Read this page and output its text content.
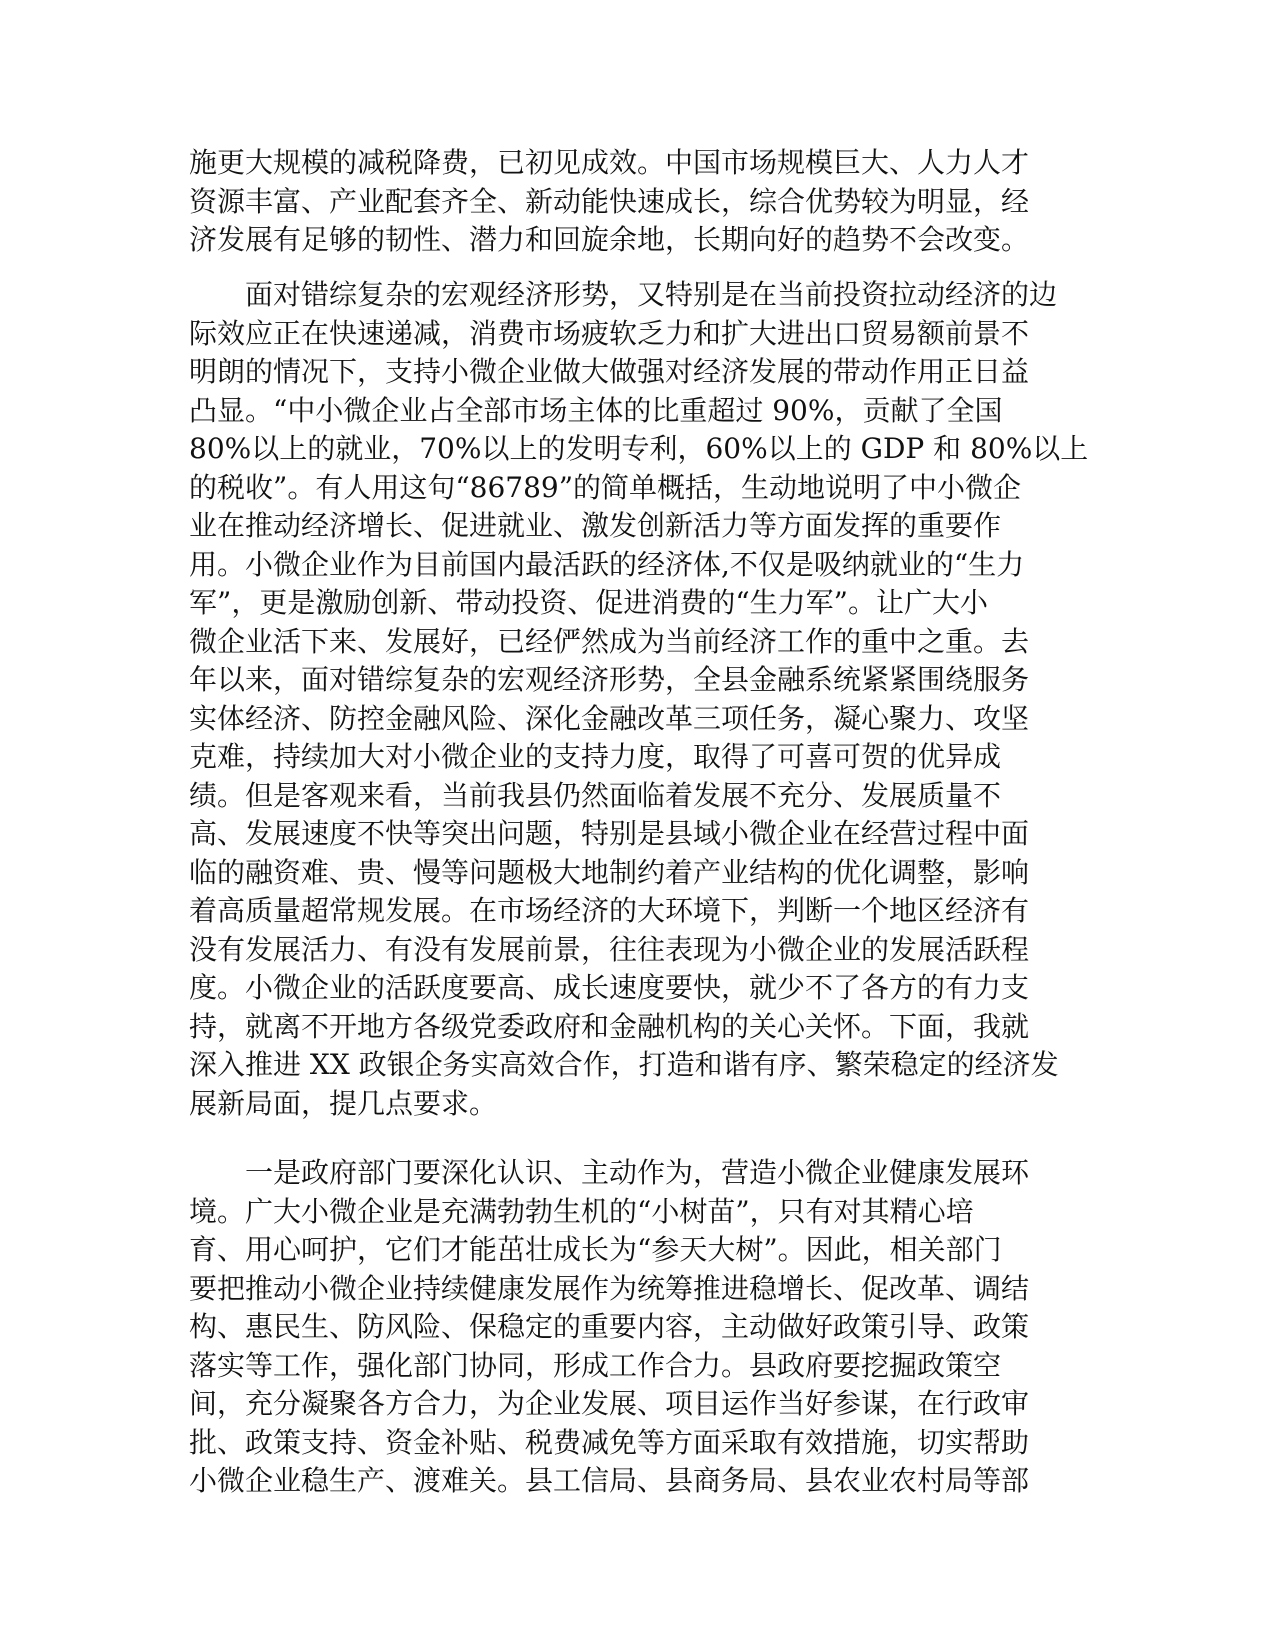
施更大规模的减税降费，已初见成效。中国市场规模巨大、人力人才
资源丰富、产业配套齐全、新动能快速成长，综合优势较为明显，经
济发展有足够的韧性、潜力和回旋余地，长期向好的趋势不会改变。
　　面对错综复杂的宏观经济形势，又特别是在当前投资拉动经济的边
际效应正在快速递减，消费市场疲软乏力和扩大进出口贸易额前景不
明朗的情况下，支持小微企业做大做强对经济发展的带动作用正日益
凸显。“中小微企业占全部市场主体的比重超过 90%，贡献了全国
80%以上的就业，70%以上的发明专利，60%以上的 GDP 和 80%以上
的税收”。有人用这句“86789”的简单概括，生动地说明了中小微企
业在推动经济增长、促进就业、激发创新活力等方面发挥的重要作
用。小微企业作为目前国内最活跃的经济体,不仅是吸纳就业的“生力
军”，更是激励创新、带动投资、促进消费的“生力军”。让广大小
微企业活下来、发展好，已经俨然成为当前经济工作的重中之重。去
年以来，面对错综复杂的宏观经济形势，全县金融系统紧紧围绕服务
实体经济、防控金融风险、深化金融改革三项任务，凝心聚力、攻坚
克难，持续加大对小微企业的支持力度，取得了可喜可贺的优异成
绩。但是客观来看，当前我县仍然面临着发展不充分、发展质量不
高、发展速度不快等突出问题，特别是县域小微企业在经营过程中面
临的融资难、贵、慢等问题极大地制约着产业结构的优化调整，影响
着高质量超常规发展。在市场经济的大环境下，判断一个地区经济有
没有发展活力、有没有发展前景，往往表现为小微企业的发展活跃程
度。小微企业的活跃度要高、成长速度要快，就少不了各方的有力支
持，就离不开地方各级党委政府和金融机构的关心关怀。下面，我就
深入推进 XX 政银企务实高效合作，打造和谐有序、繁荣稳定的经济发
展新局面，提几点要求。
　　一是政府部门要深化认识、主动作为，营造小微企业健康发展环
境。广大小微企业是充满勃勃生机的“小树苗”，只有对其精心培
育、用心呵护，它们才能茁壮成长为“参天大树”。因此，相关部门
要把推动小微企业持续健康发展作为统筹推进稳增长、促改革、调结
构、惠民生、防风险、保稳定的重要内容，主动做好政策引导、政策
落实等工作，强化部门协同，形成工作合力。县政府要挖掘政策空
间，充分凝聚各方合力，为企业发展、项目运作当好参谋，在行政审
批、政策支持、资金补贴、税费减免等方面采取有效措施，切实帮助
小微企业稳生产、渡难关。县工信局、县商务局、县农业农村局等部
